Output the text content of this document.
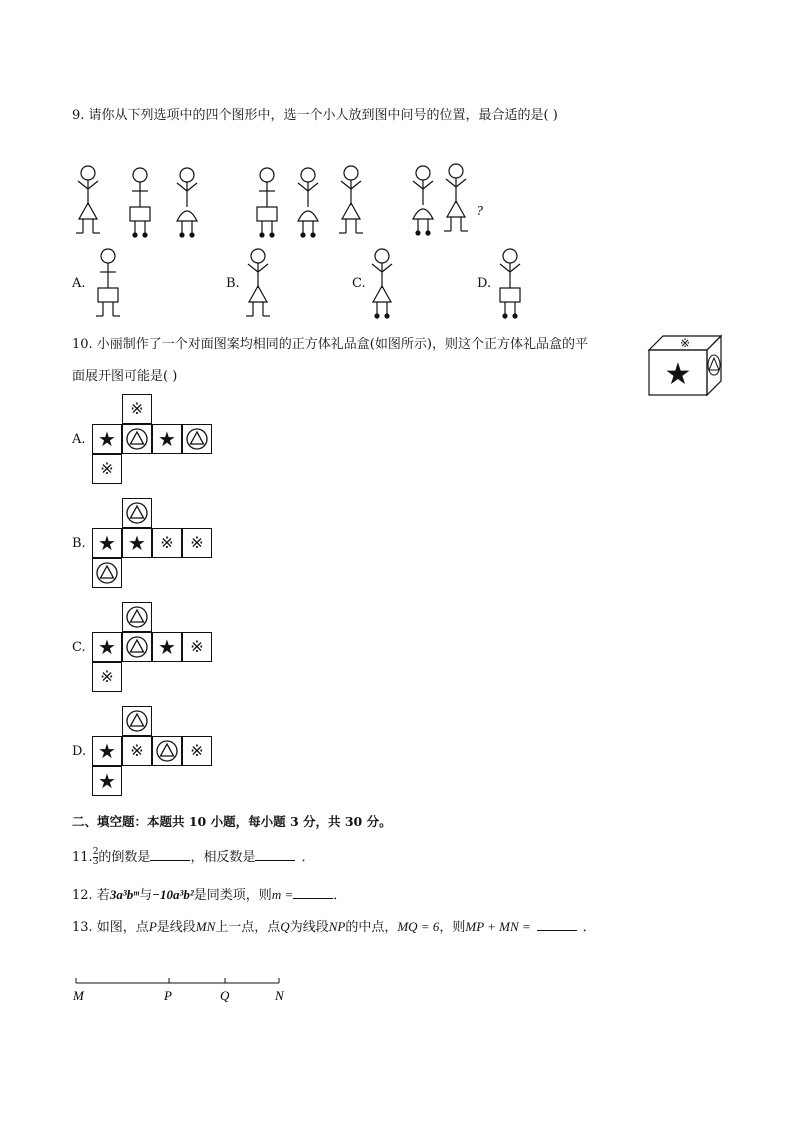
9. 请你从下列选项中的四个图形中，选一个小人放到图中问号的位置，最合适的是( )
?
A.	B.	C.	D.
10. 小丽制作了一个对面图案均相同的正方体礼品盒(如图所示)，则这个正方体礼品盒的平
面展开图可能是( )
※
★
A.
B.
C.
D.
※
★	★
※
★ ★ ※	※
★	★ ※
※
★ ※	※
★
二、填空题：本题共 10 小题，每小题 3 分，共 30 分。
11. $\frac{2}{3}$ 的倒数是	，相反数是	．
12. 若3a³bᵐ与−10a³b²是同类项，则m =	．
13. 如图，点P是线段MN上一点，点Q为线段NP的中点，MQ = 6，则MP + MN =	．
M	P	Q	N
